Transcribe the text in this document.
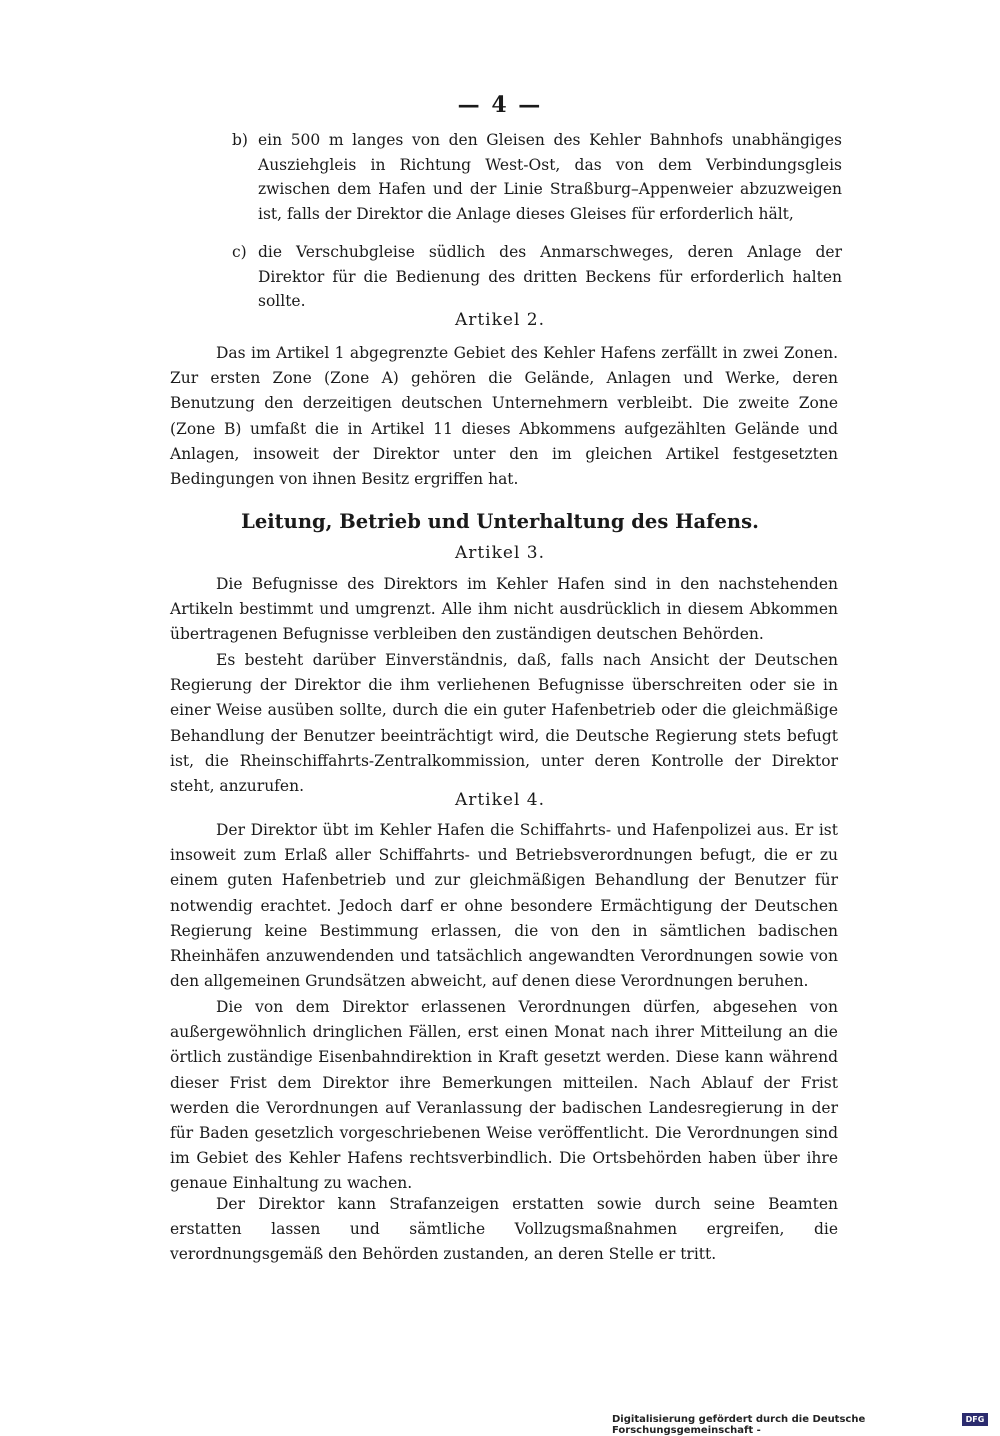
— 4 —
b) ein 500 m langes von den Gleisen des Kehler Bahnhofs unabhängiges Ausziehgleis in Richtung West-Ost, das von dem Verbindungsgleis zwischen dem Hafen und der Linie Straßburg–Appenweier abzuzweigen ist, falls der Direktor die Anlage dieses Gleises für erforderlich hält,
c) die Verschubgleise südlich des Anmarschweges, deren Anlage der Direktor für die Bedienung des dritten Beckens für erforderlich halten sollte.
Artikel 2.

Das im Artikel 1 abgegrenzte Gebiet des Kehler Hafens zerfällt in zwei Zonen. Zur ersten Zone (Zone A) gehören die Gelände, Anlagen und Werke, deren Benutzung den derzeitigen deutschen Unternehmern verbleibt. Die zweite Zone (Zone B) umfaßt die in Artikel 11 dieses Abkommens aufgezählten Gelände und Anlagen, insoweit der Direktor unter den im gleichen Artikel festgesetzten Bedingungen von ihnen Besitz ergriffen hat.

Leitung, Betrieb und Unterhaltung des Hafens.
Artikel 3.

Die Befugnisse des Direktors im Kehler Hafen sind in den nachstehenden Artikeln bestimmt und umgrenzt. Alle ihm nicht ausdrücklich in diesem Abkommen übertragenen Befugnisse verbleiben den zuständigen deutschen Behörden.

Es besteht darüber Einverständnis, daß, falls nach Ansicht der Deutschen Regierung der Direktor die ihm verliehenen Befugnisse überschreiten oder sie in einer Weise ausüben sollte, durch die ein guter Hafenbetrieb oder die gleichmäßige Behandlung der Benutzer beeinträchtigt wird, die Deutsche Regierung stets befugt ist, die Rheinschiffahrts-Zentralkommission, unter deren Kontrolle der Direktor steht, anzurufen.

Artikel 4.

Der Direktor übt im Kehler Hafen die Schiffahrts- und Hafenpolizei aus. Er ist insoweit zum Erlaß aller Schiffahrts- und Betriebsverordnungen befugt, die er zu einem guten Hafenbetrieb und zur gleichmäßigen Behandlung der Benutzer für notwendig erachtet. Jedoch darf er ohne besondere Ermächtigung der Deutschen Regierung keine Bestimmung erlassen, die von den in sämtlichen badischen Rheinhäfen anzuwendenden und tatsächlich angewandten Verordnungen sowie von den allgemeinen Grundsätzen abweicht, auf denen diese Verordnungen beruhen.

Die von dem Direktor erlassenen Verordnungen dürfen, abgesehen von außergewöhnlich dringlichen Fällen, erst einen Monat nach ihrer Mitteilung an die örtlich zuständige Eisenbahndirektion in Kraft gesetzt werden. Diese kann während dieser Frist dem Direktor ihre Bemerkungen mitteilen. Nach Ablauf der Frist werden die Verordnungen auf Veranlassung der badischen Landesregierung in der für Baden gesetzlich vorgeschriebenen Weise veröffentlicht. Die Verordnungen sind im Gebiet des Kehler Hafens rechtsverbindlich. Die Ortsbehörden haben über ihre genaue Einhaltung zu wachen.

Der Direktor kann Strafanzeigen erstatten sowie durch seine Beamten erstatten lassen und sämtliche Vollzugsmaßnahmen ergreifen, die verordnungsgemäß den Behörden zustanden, an deren Stelle er tritt.

Digitalisierung gefördert durch die Deutsche Forschungsgemeinschaft -
DFG
